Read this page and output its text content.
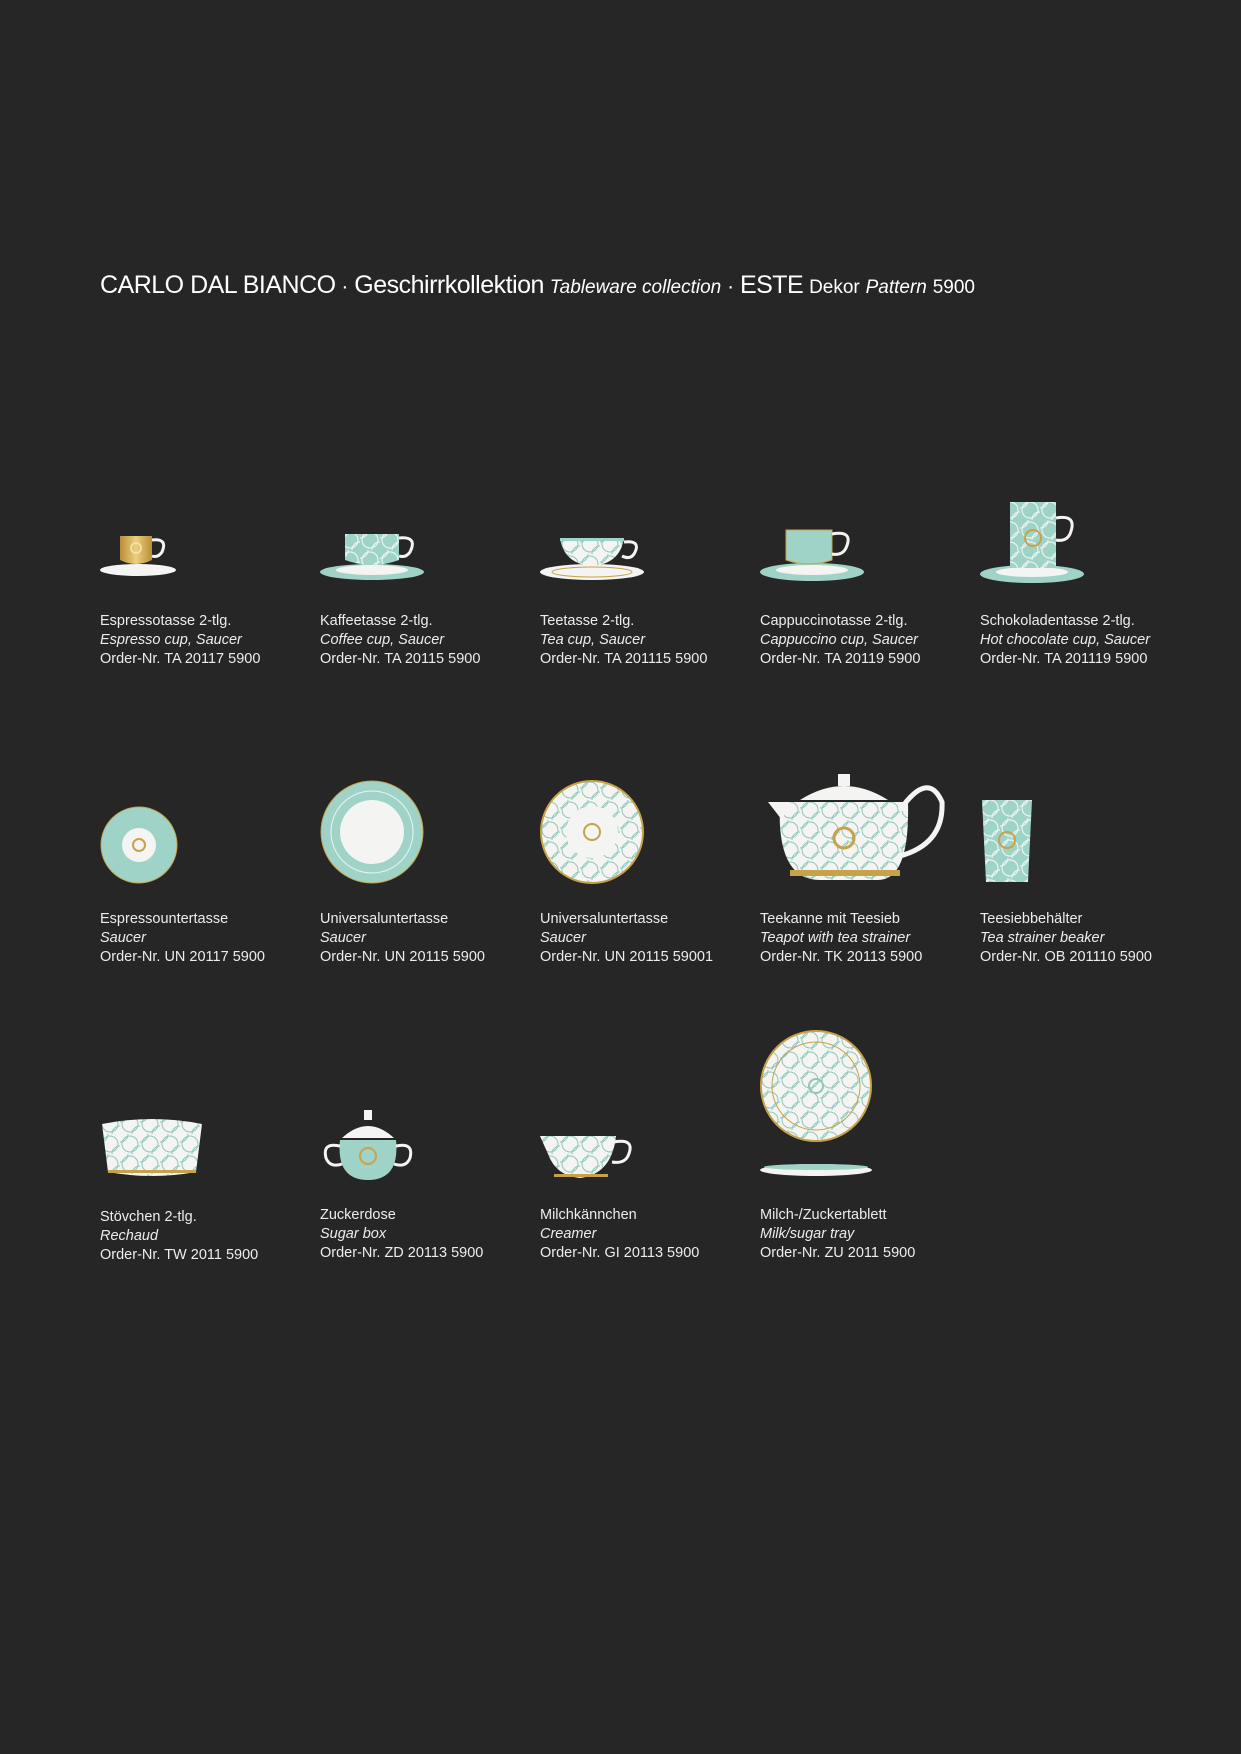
CARLO DAL BIANCO · Geschirrkollektion Tableware collection · ESTE Dekor Pattern 5900
Espressotasse 2-tlg.
Espresso cup, Saucer
Order-Nr. TA 20117 5900
Kaffeetasse 2-tlg.
Coffee cup, Saucer
Order-Nr. TA 20115 5900
Teetasse 2-tlg.
Tea cup, Saucer
Order-Nr. TA 201115 5900
Cappuccinotasse 2-tlg.
Cappuccino cup, Saucer
Order-Nr. TA 20119 5900
Schokoladentasse 2-tlg.
Hot chocolate cup, Saucer
Order-Nr. TA 201119 5900
Espressountertasse
Saucer
Order-Nr. UN 20117 5900
Universaluntertasse
Saucer
Order-Nr. UN 20115 5900
Universaluntertasse
Saucer
Order-Nr. UN 20115 59001
Teekanne mit Teesieb
Teapot with tea strainer
Order-Nr. TK 20113 5900
Teesiebbehälter
Tea strainer beaker
Order-Nr. OB 201110 5900
Stövchen 2-tlg.
Rechaud
Order-Nr. TW 2011 5900
Zuckerdose
Sugar box
Order-Nr. ZD 20113 5900
Milchkännchen
Creamer
Order-Nr. GI 20113 5900
Milch-/Zuckertablett
Milk/sugar tray
Order-Nr. ZU 2011 5900
